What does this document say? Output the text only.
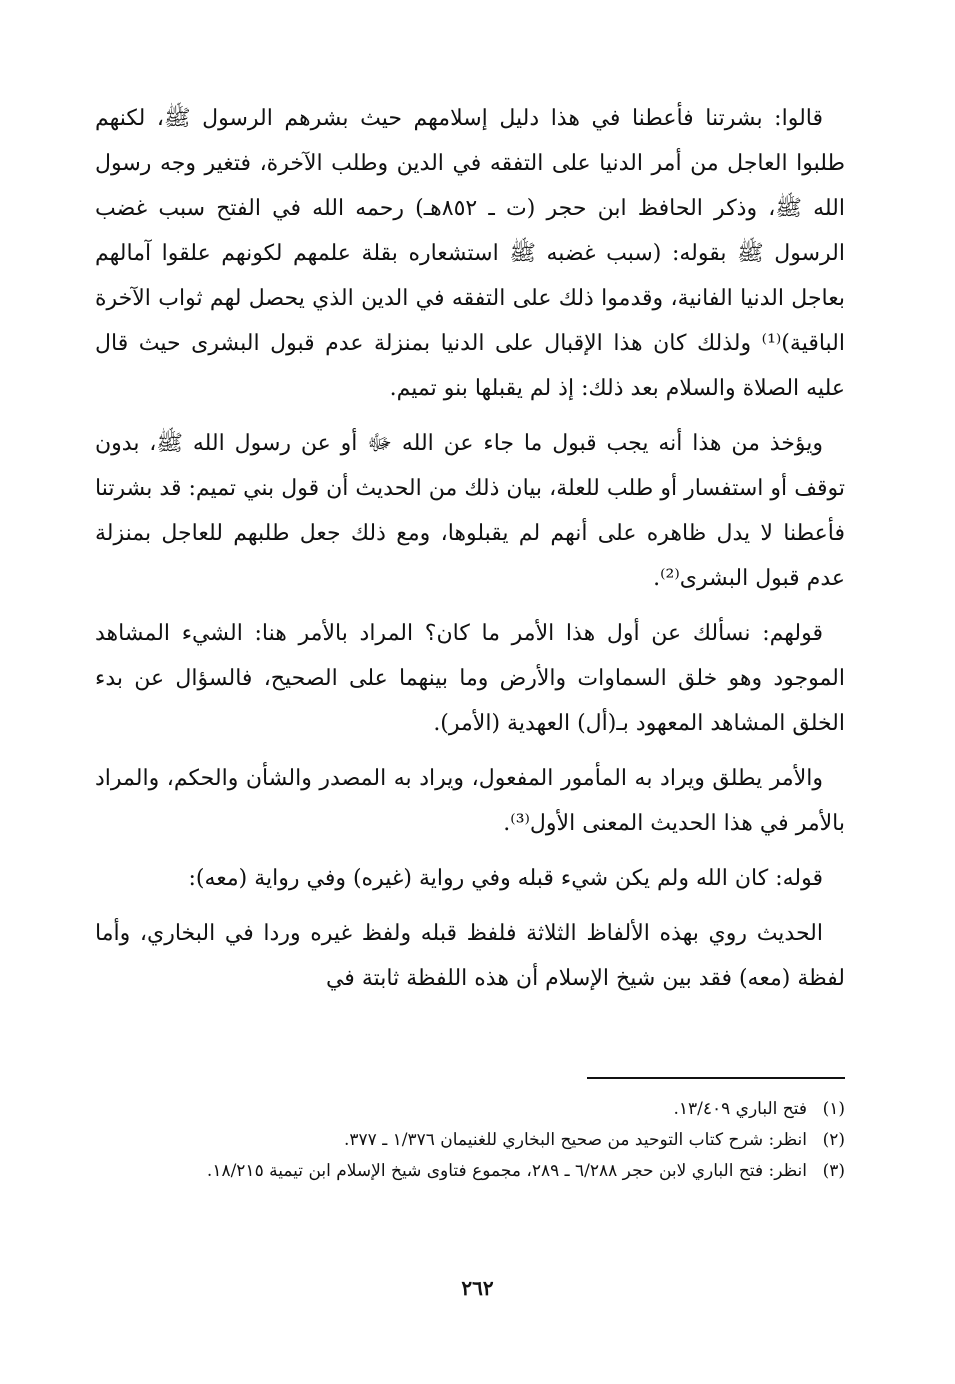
قالوا: بشرتنا فأعطنا في هذا دليل إسلامهم حيث بشرهم الرسول ﷺ، لكنهم طلبوا العاجل من أمر الدنيا على التفقه في الدين وطلب الآخرة، فتغير وجه رسول الله ﷺ، وذكر الحافظ ابن حجر (ت ـ ٨٥٢هـ) رحمه الله في الفتح سبب غضب الرسول ﷺ بقوله: (سبب غضبه ﷺ استشعاره بقلة علمهم لكونهم علقوا آمالهم بعاجل الدنيا الفانية، وقدموا ذلك على التفقه في الدين الذي يحصل لهم ثواب الآخرة الباقية)⁽¹⁾ ولذلك كان هذا الإقبال على الدنيا بمنزلة عدم قبول البشرى حيث قال عليه الصلاة والسلام بعد ذلك: إذ لم يقبلها بنو تميم.

ويؤخذ من هذا أنه يجب قبول ما جاء عن الله ﷻ أو عن رسول الله ﷺ، بدون توقف أو استفسار أو طلب للعلة، بيان ذلك من الحديث أن قول بني تميم: قد بشرتنا فأعطنا لا يدل ظاهره على أنهم لم يقبلوها، ومع ذلك جعل طلبهم للعاجل بمنزلة عدم قبول البشرى⁽²⁾.

قولهم: نسألك عن أول هذا الأمر ما كان؟ المراد بالأمر هنا: الشيء المشاهد الموجود وهو خلق السماوات والأرض وما بينهما على الصحيح، فالسؤال عن بدء الخلق المشاهد المعهود بـ(أل) العهدية (الأمر).

والأمر يطلق ويراد به المأمور المفعول، ويراد به المصدر والشأن والحكم، والمراد بالأمر في هذا الحديث المعنى الأول⁽³⁾.

قوله: كان الله ولم يكن شيء قبله وفي رواية (غيره) وفي رواية (معه):

الحديث روي بهذه الألفاظ الثلاثة فلفظ قبله ولفظ غيره وردا في البخاري، وأما لفظة (معه) فقد بين شيخ الإسلام أن هذه اللفظة ثابتة في

(١)
فتح الباري ١٣/٤٠٩.
(٢)
انظر: شرح كتاب التوحيد من صحيح البخاري للغنيمان ١/٣٧٦ ـ ٣٧٧.
(٣)
انظر: فتح الباري لابن حجر ٦/٢٨٨ ـ ٢٨٩، مجموع فتاوى شيخ الإسلام ابن تيمية ١٨/٢١٥.
٢٦٢
